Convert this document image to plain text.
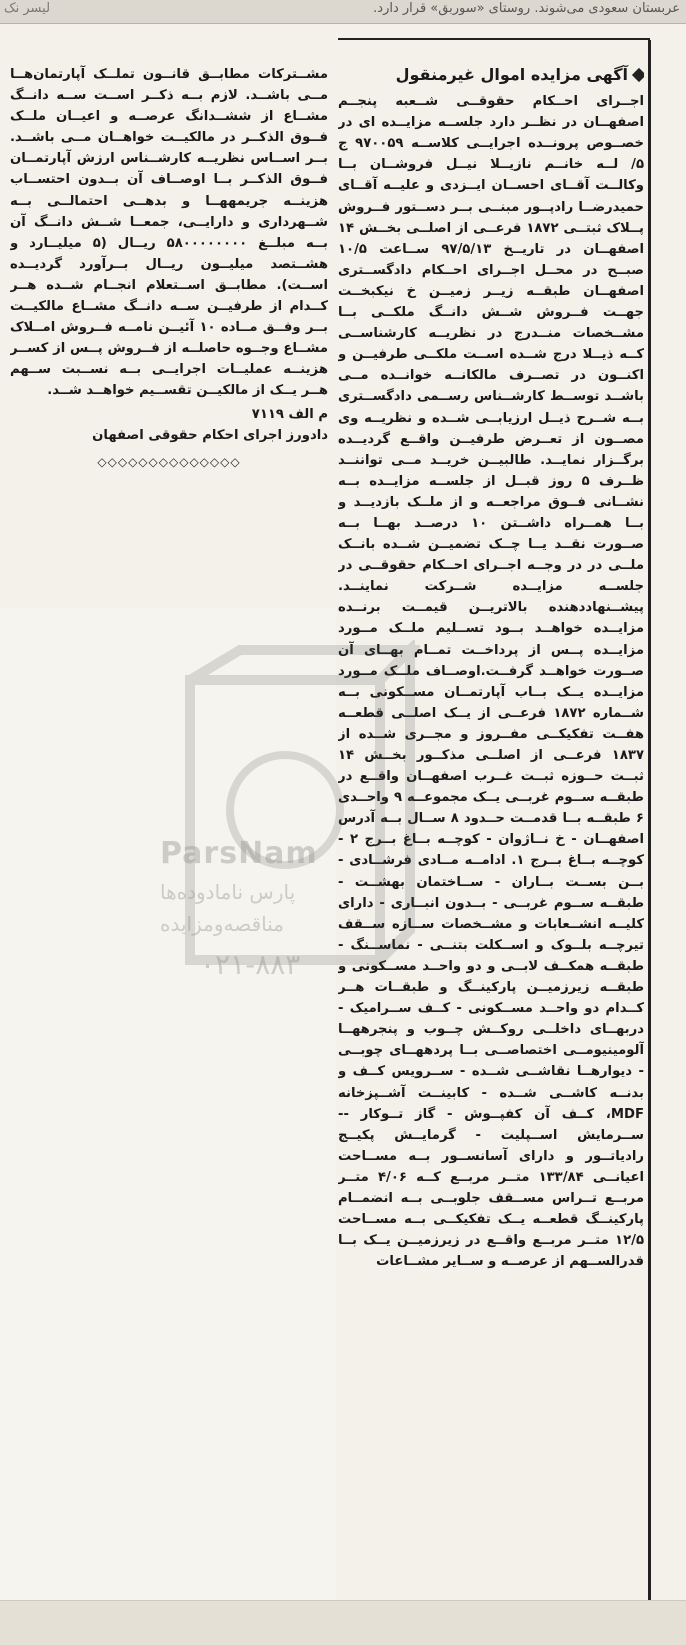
عربستان سعودی می‌شوند. روستای «سوربق» قرار دارد.
لیسر نک
آگهی مزایده اموال غیرمنقول
اجــرای احــکام حقوقــی شــعبه پنجــم اصفهــان در نظــر دارد جلســه مزایــده ای در خصــوص پرونــده اجرایــی کلاســه ۹۷۰۰۵۹ ج ۵/ لــه خانــم نازیــلا نیــل فروشــان بــا وکالــت آقــای احســان ایــزدی و علیــه آقــای حمیدرضــا رادپــور مبنــی بــر دســتور فــروش پــلاک ثبتــی ۱۸۷۲ فرعــی از اصلــی بخــش ۱۴ اصفهــان در تاریــخ ۹۷/۵/۱۳ ســاعت ۱۰/۵ صبــح در محــل اجــرای احــکام دادگســتری اصفهــان طبقــه زیــر زمیــن خ نیکبخــت جهــت فــروش شــش دانــگ ملکــی بــا مشــخصات منــدرج در نظریــه کارشناســی کــه ذیــلا درج شــده اســت ملکــی طرفیــن و اکنــون در تصــرف مالکانــه خوانــده مــی باشــد توســط کارشــناس رســمی دادگســتری بــه شــرح ذیــل ارزیابــی شــده و نظریــه وی مصــون از تعــرض طرفیــن واقــع گردیــده برگــزار نمایــد. طالبیــن خریــد مــی تواننــد ظــرف ۵ روز قبــل از جلســه مزایــده بــه نشــانی فــوق مراجعــه و از ملــک بازدیــد و بــا همــراه داشــتن ۱۰ درصــد بهــا بــه صــورت نقــد یــا چــک تضمیــن شــده بانــک ملــی در در وجــه اجــرای احــکام حقوقــی در جلســه مزایــده شــرکت نماینــد. پیشــنهاددهنده بالاتریــن قیمــت برنــده مزایــده خواهــد بــود تســلیم ملــک مــورد مزایــده پــس از پرداخــت تمــام بهــای آن صــورت خواهــد گرفــت.اوصــاف ملــک مــورد مزایــده یــک بــاب آپارتمــان مســکونی بــه شــماره ۱۸۷۲ فرعــی از یــک اصلــی قطعــه هفــت تفکیکــی مفــروز و مجــری شــده از ۱۸۳۷ فرعــی از اصلــی مذکــور بخــش ۱۴ ثبــت حــوزه ثبــت غــرب اصفهــان واقــع در طبقــه ســوم غربــی یــک مجموعــه ۹ واحــدی ۶ طبقــه بــا قدمــت حــدود ۸ ســال بــه آدرس اصفهــان - خ نــاژوان - کوچــه بــاغ بــرج ۲ - کوچــه بــاغ بــرج ۱. ادامــه مــادی فرشــادی - بــن بســت بــاران - ســاختمان بهشــت - طبقــه ســوم غربــی - بــدون انبــاری - دارای کلیــه انشــعابات و مشــخصات ســازه ســقف تیرچــه بلــوک و اســکلت بتنــی - نماســنگ - طبقــه همکــف لابــی و دو واحــد مســکونی و طبقــه زیرزمیــن پارکینــگ و طبقــات هــر کــدام دو واحــد مســکونی - کــف ســرامیک - دربهــای داخلــی روکــش چــوب و پنجرههــا آلومینیومــی اختصاصــی بــا پردههــای چوبــی - دیوارهــا نقاشــی شــده - ســرویس کــف و بدنــه کاشــی شــده - کابینــت آشــپزخانه MDF، کــف آن کفپــوش - گاز تــوکار -- ســرمایش اســپلیت - گرمایــش پکیــج رادیاتــور و دارای آسانســور بــه مســاحت اعیانــی ۱۳۳/۸۴ متــر مربــع کــه ۴/۰۶ متــر مربــع تــراس مســقف جلوبــی بــه انضمــام پارکینــگ قطعــه یــک تفکیکــی بــه مســاحت ۱۲/۵ متــر مربــع واقــع در زیرزمیــن یــک بــا قدرالســهم از عرصــه و ســایر مشــاعات
مشــترکات مطابــق قانــون تملــک آپارتمان‌هــا مــی باشــد. لازم بــه ذکــر اســت ســه دانــگ مشــاع از ششــدانگ عرصــه و اعیــان ملــک فــوق الذکــر در مالکیــت خواهــان مــی باشــد. بــر اســاس نظریــه کارشــناس ارزش آپارتمــان فــوق الذکــر بــا اوصــاف آن بــدون احتســاب هزینــه جریمههــا و بدهــی احتمالــی بــه شــهرداری و دارایــی، جمعــا شــش دانــگ آن بــه مبلــغ ۵۸۰۰۰۰۰۰۰۰ ریــال (۵ میلیــارد و هشــتصد میلیــون ریــال بــرآورد گردیــده اســت). مطابــق اســتعلام انجــام شــده هــر کــدام از طرفیــن ســه دانــگ مشــاع مالکیــت بــر وفــق مــاده ۱۰ آئیــن نامــه فــروش امــلاک مشــاع وجــوه حاصلــه از فــروش پــس از کســر هزینــه عملیــات اجرایــی بــه نســبت ســهم هــر یــک از مالکیــن تقســیم خواهــد شــد.
م الف ۷۱۱۹
دادورز اجرای احکام حقوقی اصفهان
◇◇◇◇◇◇◇◇◇◇◇◇◇◇
ParsNam
پارس نامادوده‌ها
مناقصه‌ومزایده
۰۲۱-۸۸۳
